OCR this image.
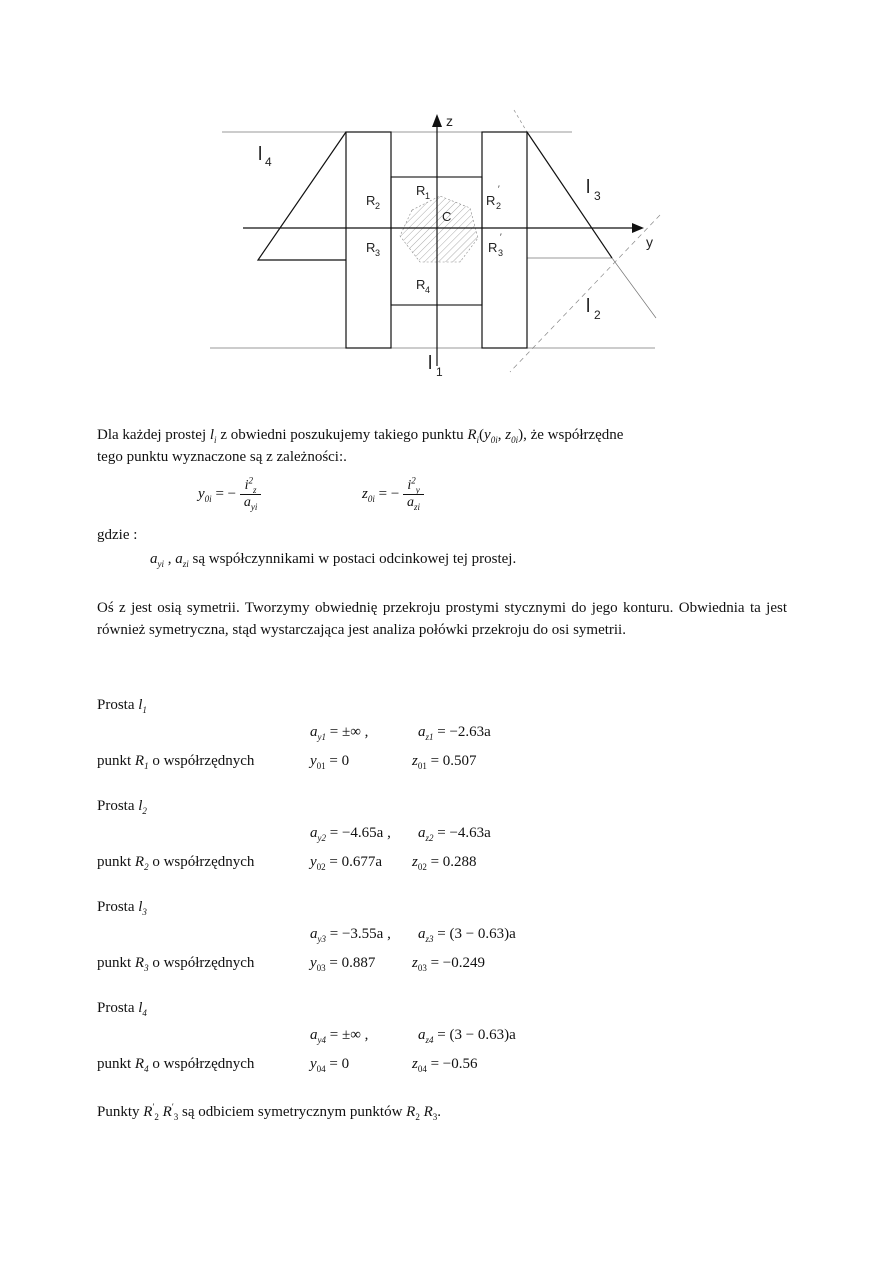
z
y
l 4
l 3
l 2
l 1
R 1
R 2	R 2
′
R 3	R 3
′
R 4
C
Dla każdej prostej $l_i$ z obwiedni poszukujemy takiego punktu $R_i(y_{0i}$, $z_{0i}$), że współrzędne
tego punktu wyznaczone są z zależności:.
$y_{0i}$ = − $\frac{i^2_z}{a_{yi}}$	$z_{0i}$ = − $\frac{i^2_y}{a_{zi}}$
gdzie :
$a_{yi}$ , $a_{zi}$ są współczynnikami w postaci odcinkowej tej prostej.
Oś z jest osią symetrii. Tworzymy obwiednię przekroju prostymi stycznymi do jego konturu. Obwiednia ta jest również symetryczna, stąd wystarczająca jest analiza połówki przekroju do osi symetrii.
Prosta $l_1$
$a_{y1}$ = ±∞ ,	$a_{z1} = -2.63a$
punkt $R_1$ o współrzędnych	$y_{01} = 0$	$z_{01} = 0.507$
Prosta $l_2$
$a_{y2} = -4.65a$ , $a_{z2} = -4.63a$
punkt $R_2$ o współrzędnych	$y_{02} = 0.677a$ $z_{02} = 0.288$
Prosta $l_3$
$a_{y3} = -3.55a$ , $a_{z3} = (3 - 0.63)a$
punkt $R_3$ o współrzędnych	$y_{03} = 0.887$ $z_{03} = -0.249$
Prosta $l_4$
$a_{y4}$ = ±∞ ,	$a_{z4} = (3 - 0.63)a$
punkt $R_4$ o współrzędnych	$y_{04} = 0$	$z_{04} = -0.56$
Punkty $R'_2$ $R'_3$ są odbiciem symetrycznym punktów $R_2$ $R_3$.
